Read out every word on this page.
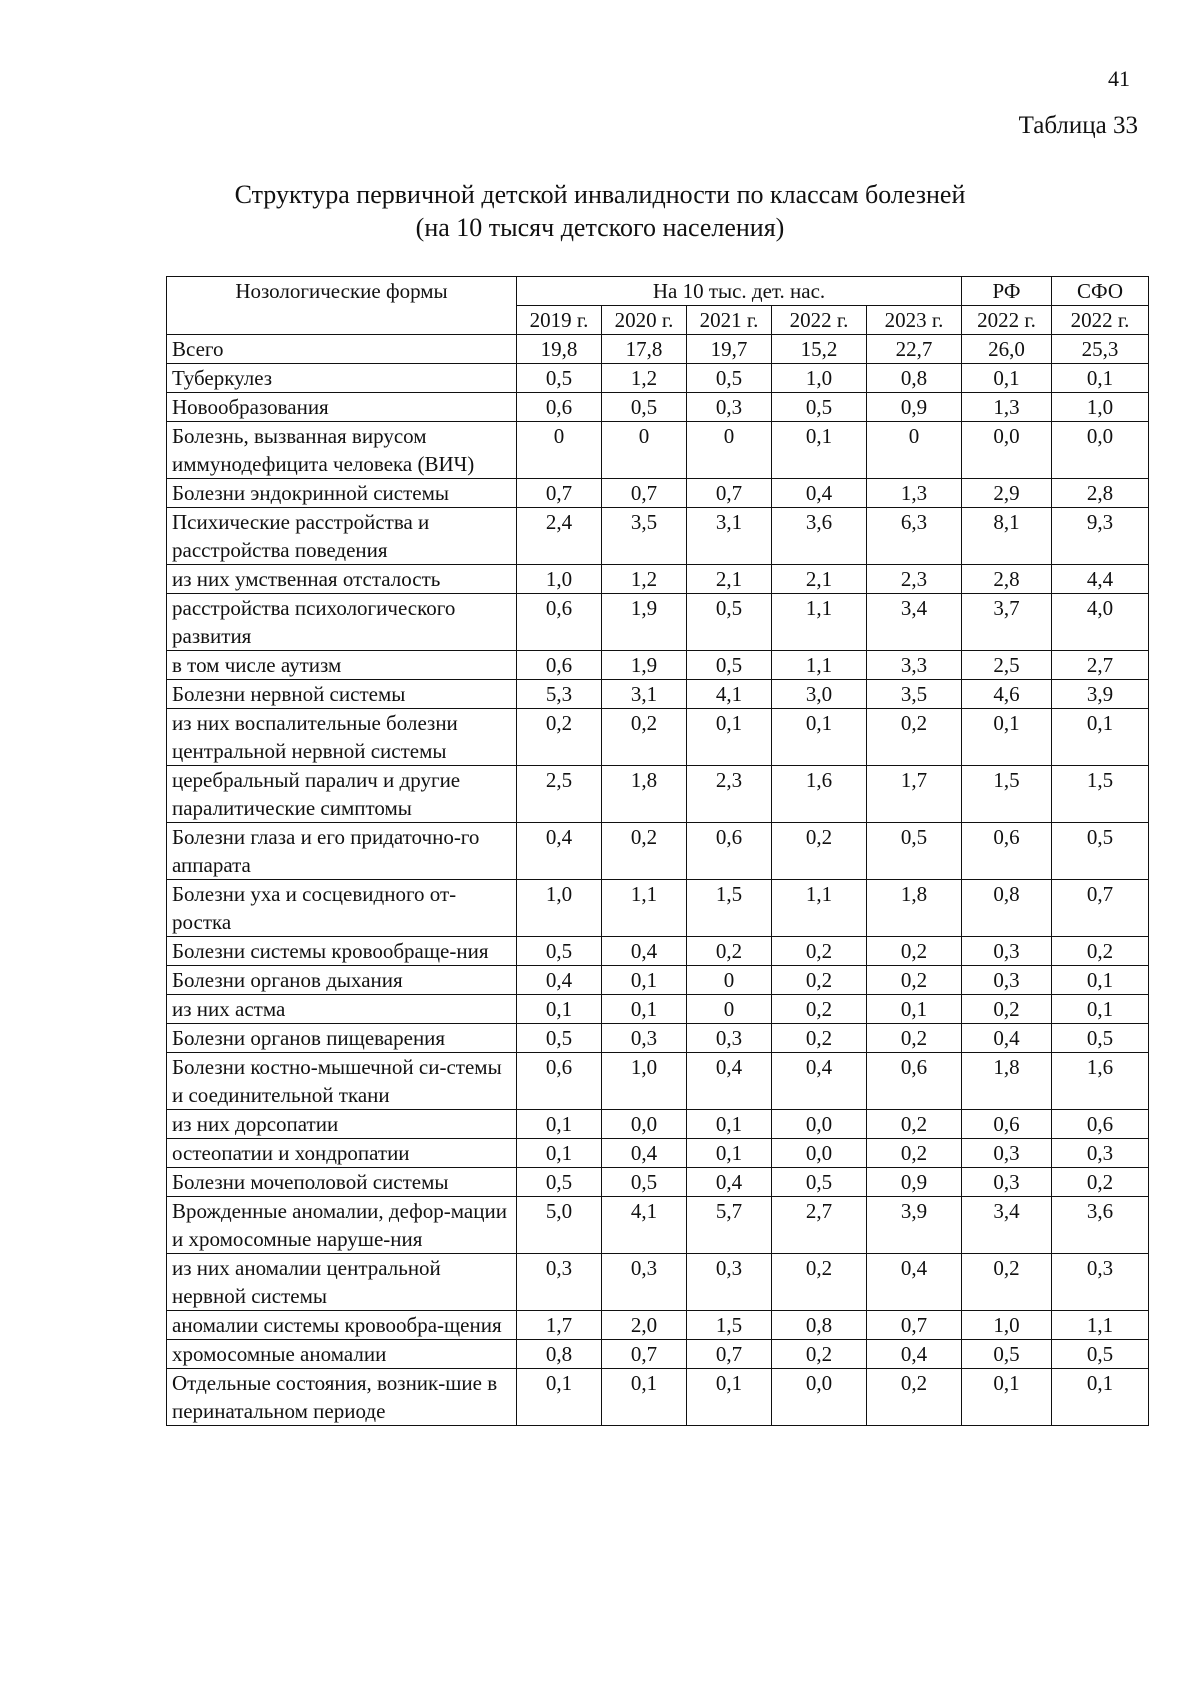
41
Таблица 33
Структура первичной детской инвалидности по классам болезней
(на 10 тысяч детского населения)
Нозологические формы	На 10 тыс. дет. нас.					РФ	СФО
	2019 г.	2020 г.	2021 г.	2022 г.	2023 г.	2022 г.	2022 г.
Всего	19,8	17,8	19,7	15,2	22,7	26,0	25,3
Туберкулез	0,5	1,2	0,5	1,0	0,8	0,1	0,1
Новообразования	0,6	0,5	0,3	0,5	0,9	1,3	1,0
Болезнь, вызванная вирусом иммунодефицита человека (ВИЧ)	0	0	0	0,1	0	0,0	0,0
Болезни эндокринной системы	0,7	0,7	0,7	0,4	1,3	2,9	2,8
Психические расстройства и расстройства поведения	2,4	3,5	3,1	3,6	6,3	8,1	9,3
из них умственная отсталость	1,0	1,2	2,1	2,1	2,3	2,8	4,4
расстройства психологического развития	0,6	1,9	0,5	1,1	3,4	3,7	4,0
в том числе аутизм	0,6	1,9	0,5	1,1	3,3	2,5	2,7
Болезни нервной системы	5,3	3,1	4,1	3,0	3,5	4,6	3,9
из них воспалительные болезни центральной нервной системы	0,2	0,2	0,1	0,1	0,2	0,1	0,1
церебральный паралич и другие паралитические симптомы	2,5	1,8	2,3	1,6	1,7	1,5	1,5
Болезни глаза и его придаточно-го аппарата	0,4	0,2	0,6	0,2	0,5	0,6	0,5
Болезни уха и сосцевидного от-ростка	1,0	1,1	1,5	1,1	1,8	0,8	0,7
Болезни системы кровообраще-ния	0,5	0,4	0,2	0,2	0,2	0,3	0,2
Болезни органов дыхания	0,4	0,1	0	0,2	0,2	0,3	0,1
из них астма	0,1	0,1	0	0,2	0,1	0,2	0,1
Болезни органов пищеварения	0,5	0,3	0,3	0,2	0,2	0,4	0,5
Болезни костно-мышечной си-стемы и соединительной ткани	0,6	1,0	0,4	0,4	0,6	1,8	1,6
из них дорсопатии	0,1	0,0	0,1	0,0	0,2	0,6	0,6
остеопатии и хондропатии	0,1	0,4	0,1	0,0	0,2	0,3	0,3
Болезни мочеполовой системы	0,5	0,5	0,4	0,5	0,9	0,3	0,2
Врожденные аномалии, дефор-мации и хромосомные наруше-ния	5,0	4,1	5,7	2,7	3,9	3,4	3,6
из них аномалии центральной нервной системы	0,3	0,3	0,3	0,2	0,4	0,2	0,3
аномалии системы кровообра-щения	1,7	2,0	1,5	0,8	0,7	1,0	1,1
хромосомные аномалии	0,8	0,7	0,7	0,2	0,4	0,5	0,5
Отдельные состояния, возник-шие в перинатальном периоде	0,1	0,1	0,1	0,0	0,2	0,1	0,1
